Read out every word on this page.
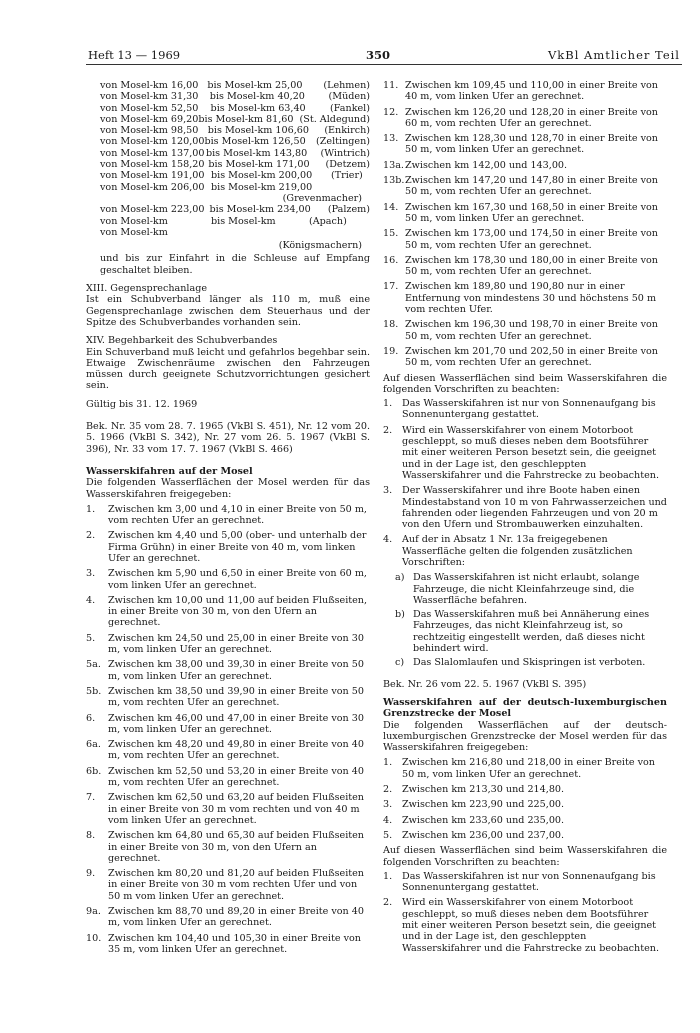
Heft 13 — 1969	350	VkBl Amtlicher Teil
von Mosel-km 16,00 bis Mosel-km 25,00	(Lehmen)
von Mosel-km 31,30	bis Mosel-km 40,20	(Müden)
von Mosel-km 52,50	bis Mosel-km 63,40	(Fankel)
von Mosel-km 69,20 bis Mosel-km 81,60 (St. Aldegund)
von Mosel-km 98,50 bis Mosel-km 106,60	(Enkirch)
von Mosel-km 120,00 bis Mosel-km 126,50	(Zeltingen)
von Mosel-km 137,00 bis Mosel-km 143,80	(Wintrich)
von Mosel-km 158,20 bis Mosel-km 171,00	(Detzem)
von Mosel-km 191,00 bis Mosel-km 200,00	(Trier)
von Mosel-km 206,00 bis Mosel-km 219,00
(Grevenmacher)
von Mosel-km 223,00 bis Mosel-km 234,00	(Palzem)
von Mosel-km	bis Mosel-km	(Apach)
von Mosel-km
(Königsmachern)

und bis zur Einfahrt in die Schleuse auf Empfang geschaltet bleiben.

XIII. Gegensprechanlage

Ist ein Schubverband länger als 110 m, muß eine Gegensprechanlage zwischen dem Steuerhaus und der Spitze des Schubverbandes vorhanden sein.

XIV. Begehbarkeit des Schubverbandes

Ein Schuverband muß leicht und gefahrlos begehbar sein. Etwaige Zwischenräume zwischen den Fahrzeugen müssen durch geeignete Schutzvorrichtungen gesichert sein.

Gültig bis 31. 12. 1969

Bek. Nr. 35 vom 28. 7. 1965 (VkBl S. 451), Nr. 12 vom 20. 5. 1966 (VkBl S. 342), Nr. 27 vom 26. 5. 1967 (VkBl S. 396), Nr. 33 vom 17. 7. 1967 (VkBl S. 466)

Wasserskifahren auf der Mosel

Die folgenden Wasserflächen der Mosel werden für das Wasserskifahren freigegeben:

1.	Zwischen km 3,00 und 4,10 in einer Breite von 50 m, vom rechten Ufer an gerechnet.
2.	Zwischen km 4,40 und 5,00 (ober- und unterhalb der Firma Grühn) in einer Breite von 40 m, vom linken Ufer an gerechnet.
3.	Zwischen km 5,90 und 6,50 in einer Breite von 60 m, vom linken Ufer an gerechnet.
4.	Zwischen km 10,00 und 11,00 auf beiden Flußseiten, in einer Breite von 30 m, von den Ufern an gerechnet.
5.	Zwischen km 24,50 und 25,00 in einer Breite von 30 m, vom linken Ufer an gerechnet.
5a. Zwischen km 38,00 und 39,30 in einer Breite von 50 m, vom linken Ufer an gerechnet.
5b. Zwischen km 38,50 und 39,90 in einer Breite von 50 m, vom rechten Ufer an gerechnet.
6.	Zwischen km 46,00 und 47,00 in einer Breite von 30 m, vom linken Ufer an gerechnet.
6a. Zwischen km 48,20 und 49,80 in einer Breite von 40 m, vom rechten Ufer an gerechnet.
6b. Zwischen km 52,50 und 53,20 in einer Breite von 40 m, vom rechten Ufer an gerechnet.
7.	Zwischen km 62,50 und 63,20 auf beiden Flußseiten in einer Breite von 30 m vom rechten und von 40 m vom linken Ufer an gerechnet.
8.	Zwischen km 64,80 und 65,30 auf beiden Flußseiten in einer Breite von 30 m, von den Ufern an gerechnet.
9.	Zwischen km 80,20 und 81,20 auf beiden Flußseiten in einer Breite von 30 m vom rechten Ufer und von 50 m vom linken Ufer an gerechnet.
9a. Zwischen km 88,70 und 89,20 in einer Breite von 40 m, vom linken Ufer an gerechnet.
10. Zwischen km 104,40 und 105,30 in einer Breite von 35 m, vom linken Ufer an gerechnet.
11. Zwischen km 109,45 und 110,00 in einer Breite von 40 m, vom linken Ufer an gerechnet.
12. Zwischen km 126,20 und 128,20 in einer Breite von 60 m, vom rechten Ufer an gerechnet.
13. Zwischen km 128,30 und 128,70 in einer Breite von 50 m, vom linken Ufer an gerechnet.
13a. Zwischen km 142,00 und 143,00.
13b. Zwischen km 147,20 und 147,80 in einer Breite von 50 m, vom rechten Ufer an gerechnet.
14. Zwischen km 167,30 und 168,50 in einer Breite von 50 m, vom linken Ufer an gerechnet.
15. Zwischen km 173,00 und 174,50 in einer Breite von 50 m, vom rechten Ufer an gerechnet.
16. Zwischen km 178,30 und 180,00 in einer Breite von 50 m, vom rechten Ufer an gerechnet.
17. Zwischen km 189,80 und 190,80 nur in einer Entfernung von mindestens 30 und höchstens 50 m vom rechten Ufer.
18. Zwischen km 196,30 und 198,70 in einer Breite von 50 m, vom rechten Ufer an gerechnet.
19. Zwischen km 201,70 und 202,50 in einer Breite von 50 m, vom rechten Ufer an gerechnet.

Auf diesen Wasserflächen sind beim Wasserskifahren die folgenden Vorschriften zu beachten:

1.	Das Wasserskifahren ist nur von Sonnenaufgang bis Sonnenuntergang gestattet.
2.	Wird ein Wasserskifahrer von einem Motorboot geschleppt, so muß dieses neben dem Bootsführer mit einer weiteren Person besetzt sein, die geeignet und in der Lage ist, den geschleppten Wasserskifahrer und die Fahrstrecke zu beobachten.
3.	Der Wasserskifahrer und ihre Boote haben einen Mindestabstand von 10 m von Fahrwasserzeichen und fahrenden oder liegenden Fahrzeugen und von 20 m von den Ufern und Strombauwerken einzuhalten.
4.	Auf der in Absatz 1 Nr. 13a freigegebenen Wasserfläche gelten die folgenden zusätzlichen Vorschriften:
a) Das Wasserskifahren ist nicht erlaubt, solange Fahrzeuge, die nicht Kleinfahrzeuge sind, die Wasserfläche befahren.
b) Das Wasserskifahren muß bei Annäherung eines Fahrzeuges, das nicht Kleinfahrzeug ist, so rechtzeitig eingestellt werden, daß dieses nicht behindert wird.
c) Das Slalomlaufen und Skispringen ist verboten.

Bek. Nr. 26 vom 22. 5. 1967 (VkBl S. 395)

Wasserskifahren auf der deutsch-luxemburgischen Grenzstrecke der Mosel

Die folgenden Wasserflächen auf der deutsch-luxemburgischen Grenzstrecke der Mosel werden für das Wasserskifahren freigegeben:

1.	Zwischen km 216,80 und 218,00 in einer Breite von 50 m, vom linken Ufer an gerechnet.
2.	Zwischen km 213,30 und 214,80.
3.	Zwischen km 223,90 und 225,00.
4.	Zwischen km 233,60 und 235,00.
5.	Zwischen km 236,00 und 237,00.

Auf diesen Wasserflächen sind beim Wasserskifahren die folgenden Vorschriften zu beachten:

1.	Das Wasserskifahren ist nur von Sonnenaufgang bis Sonnenuntergang gestattet.
2.	Wird ein Wasserskifahrer von einem Motorboot geschleppt, so muß dieses neben dem Bootsführer mit einer weiteren Person besetzt sein, die geeignet und in der Lage ist, den geschleppten Wasserskifahrer und die Fahrstrecke zu beobachten.
